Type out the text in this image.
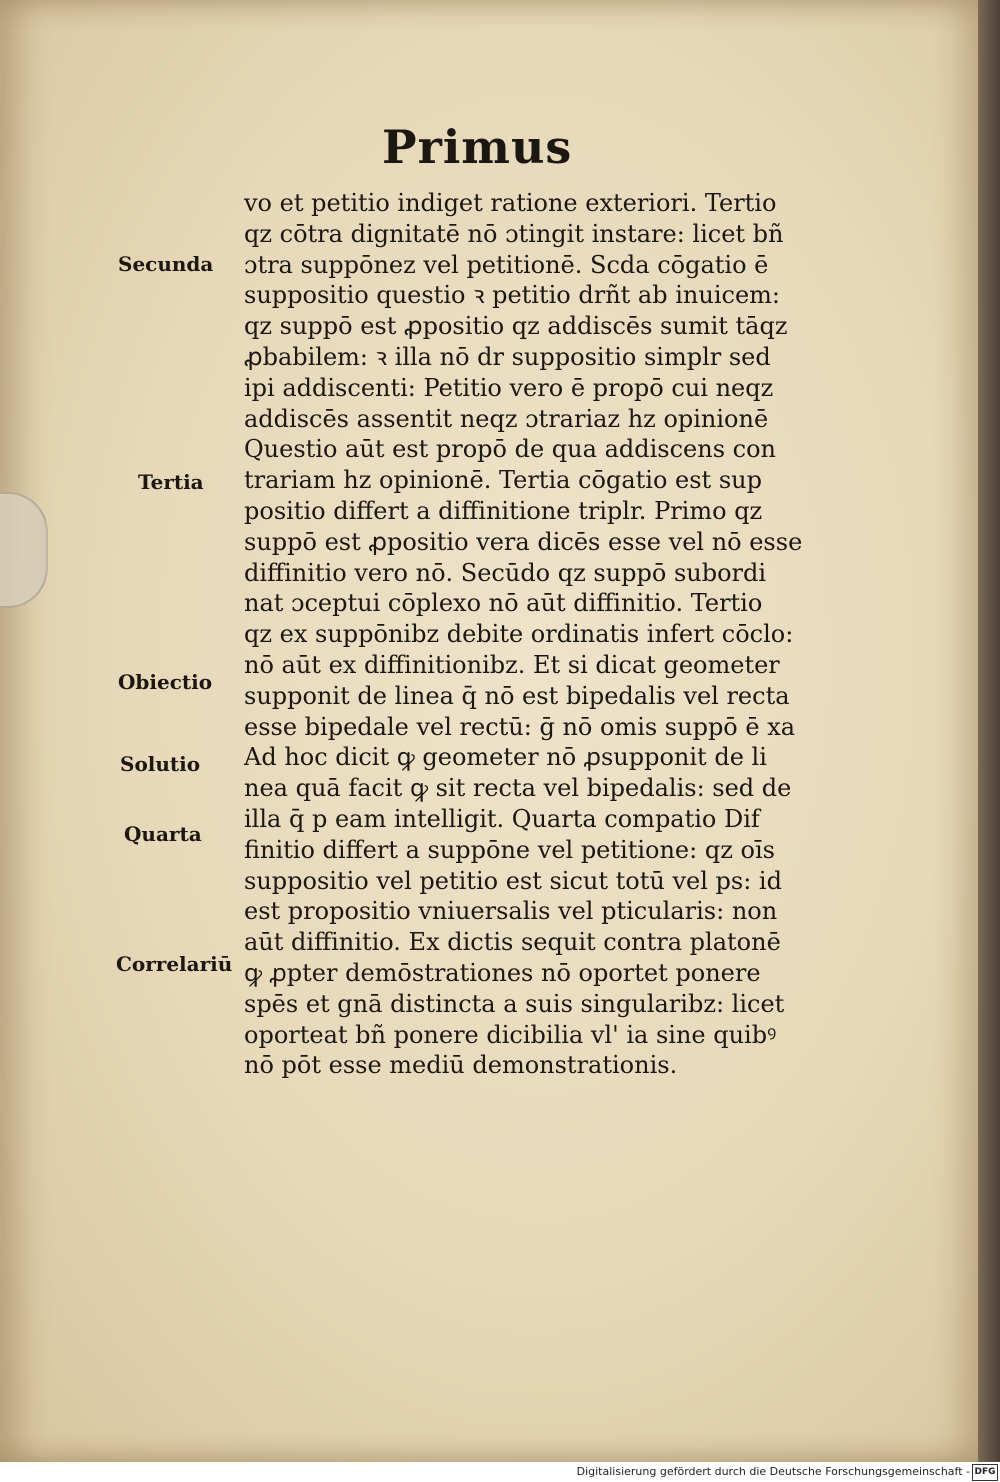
Primus
Secunda
Tertia
Obiectio
Solutio
Quarta
Correlariū
vo et petitio indiget ratione exteriori. Tertio
qz cōtra dignitatē nō ɔtingit instare: licet bñ
ɔtra suppōnez vel petitionē. Scda cōgatio ē
suppositio questio ꝛ petitio drñt ab inuicem:
qz suppō est ꝓpositio qz addiscēs sumit tāqz
ꝓbabilem: ꝛ illa nō dr suppositio simplr sed
ipi addiscenti: Petitio vero ē propō cui neqz
addiscēs assentit neqz ɔtrariaz hz opinionē
Questio aūt est propō de qua addiscens con
trariam hz opinionē. Tertia cōgatio est sup
positio differt a diffinitione triplr. Primo qz
suppō est ꝓpositio vera dicēs esse vel nō esse
diffinitio vero nō. Secūdo qz suppō subordi
nat ɔceptui cōplexo nō aūt diffinitio. Tertio
qz ex suppōnibz debite ordinatis infert cōclo:
nō aūt ex diffinitionibz. Et si dicat geometer
supponit de linea q̄ nō est bipedalis vel recta
esse bipedale vel rectū: ḡ nō omis suppō ē xa
Ad hoc dicit ꝙ geometer nō ꝓsupponit de li
nea quā facit ꝙ sit recta vel bipedalis: sed de
illa q̄ p eam intelligit. Quarta compatio Dif
finitio differt a suppōne vel petitione: qz oīs
suppositio vel petitio est sicut totū vel ps: id
est propositio vniuersalis vel pticularis: non
aūt diffinitio. Ex dictis sequit contra platonē
ꝙ ꝓpter demōstrationes nō oportet ponere
spēs et gnā distincta a suis singularibz: licet
oporteat bñ ponere dicibilia vl' ia sine quibꝰ
nō pōt esse mediū demonstrationis.
Digitalisierung gefördert durch die Deutsche Forschungsgemeinschaft - DFG
